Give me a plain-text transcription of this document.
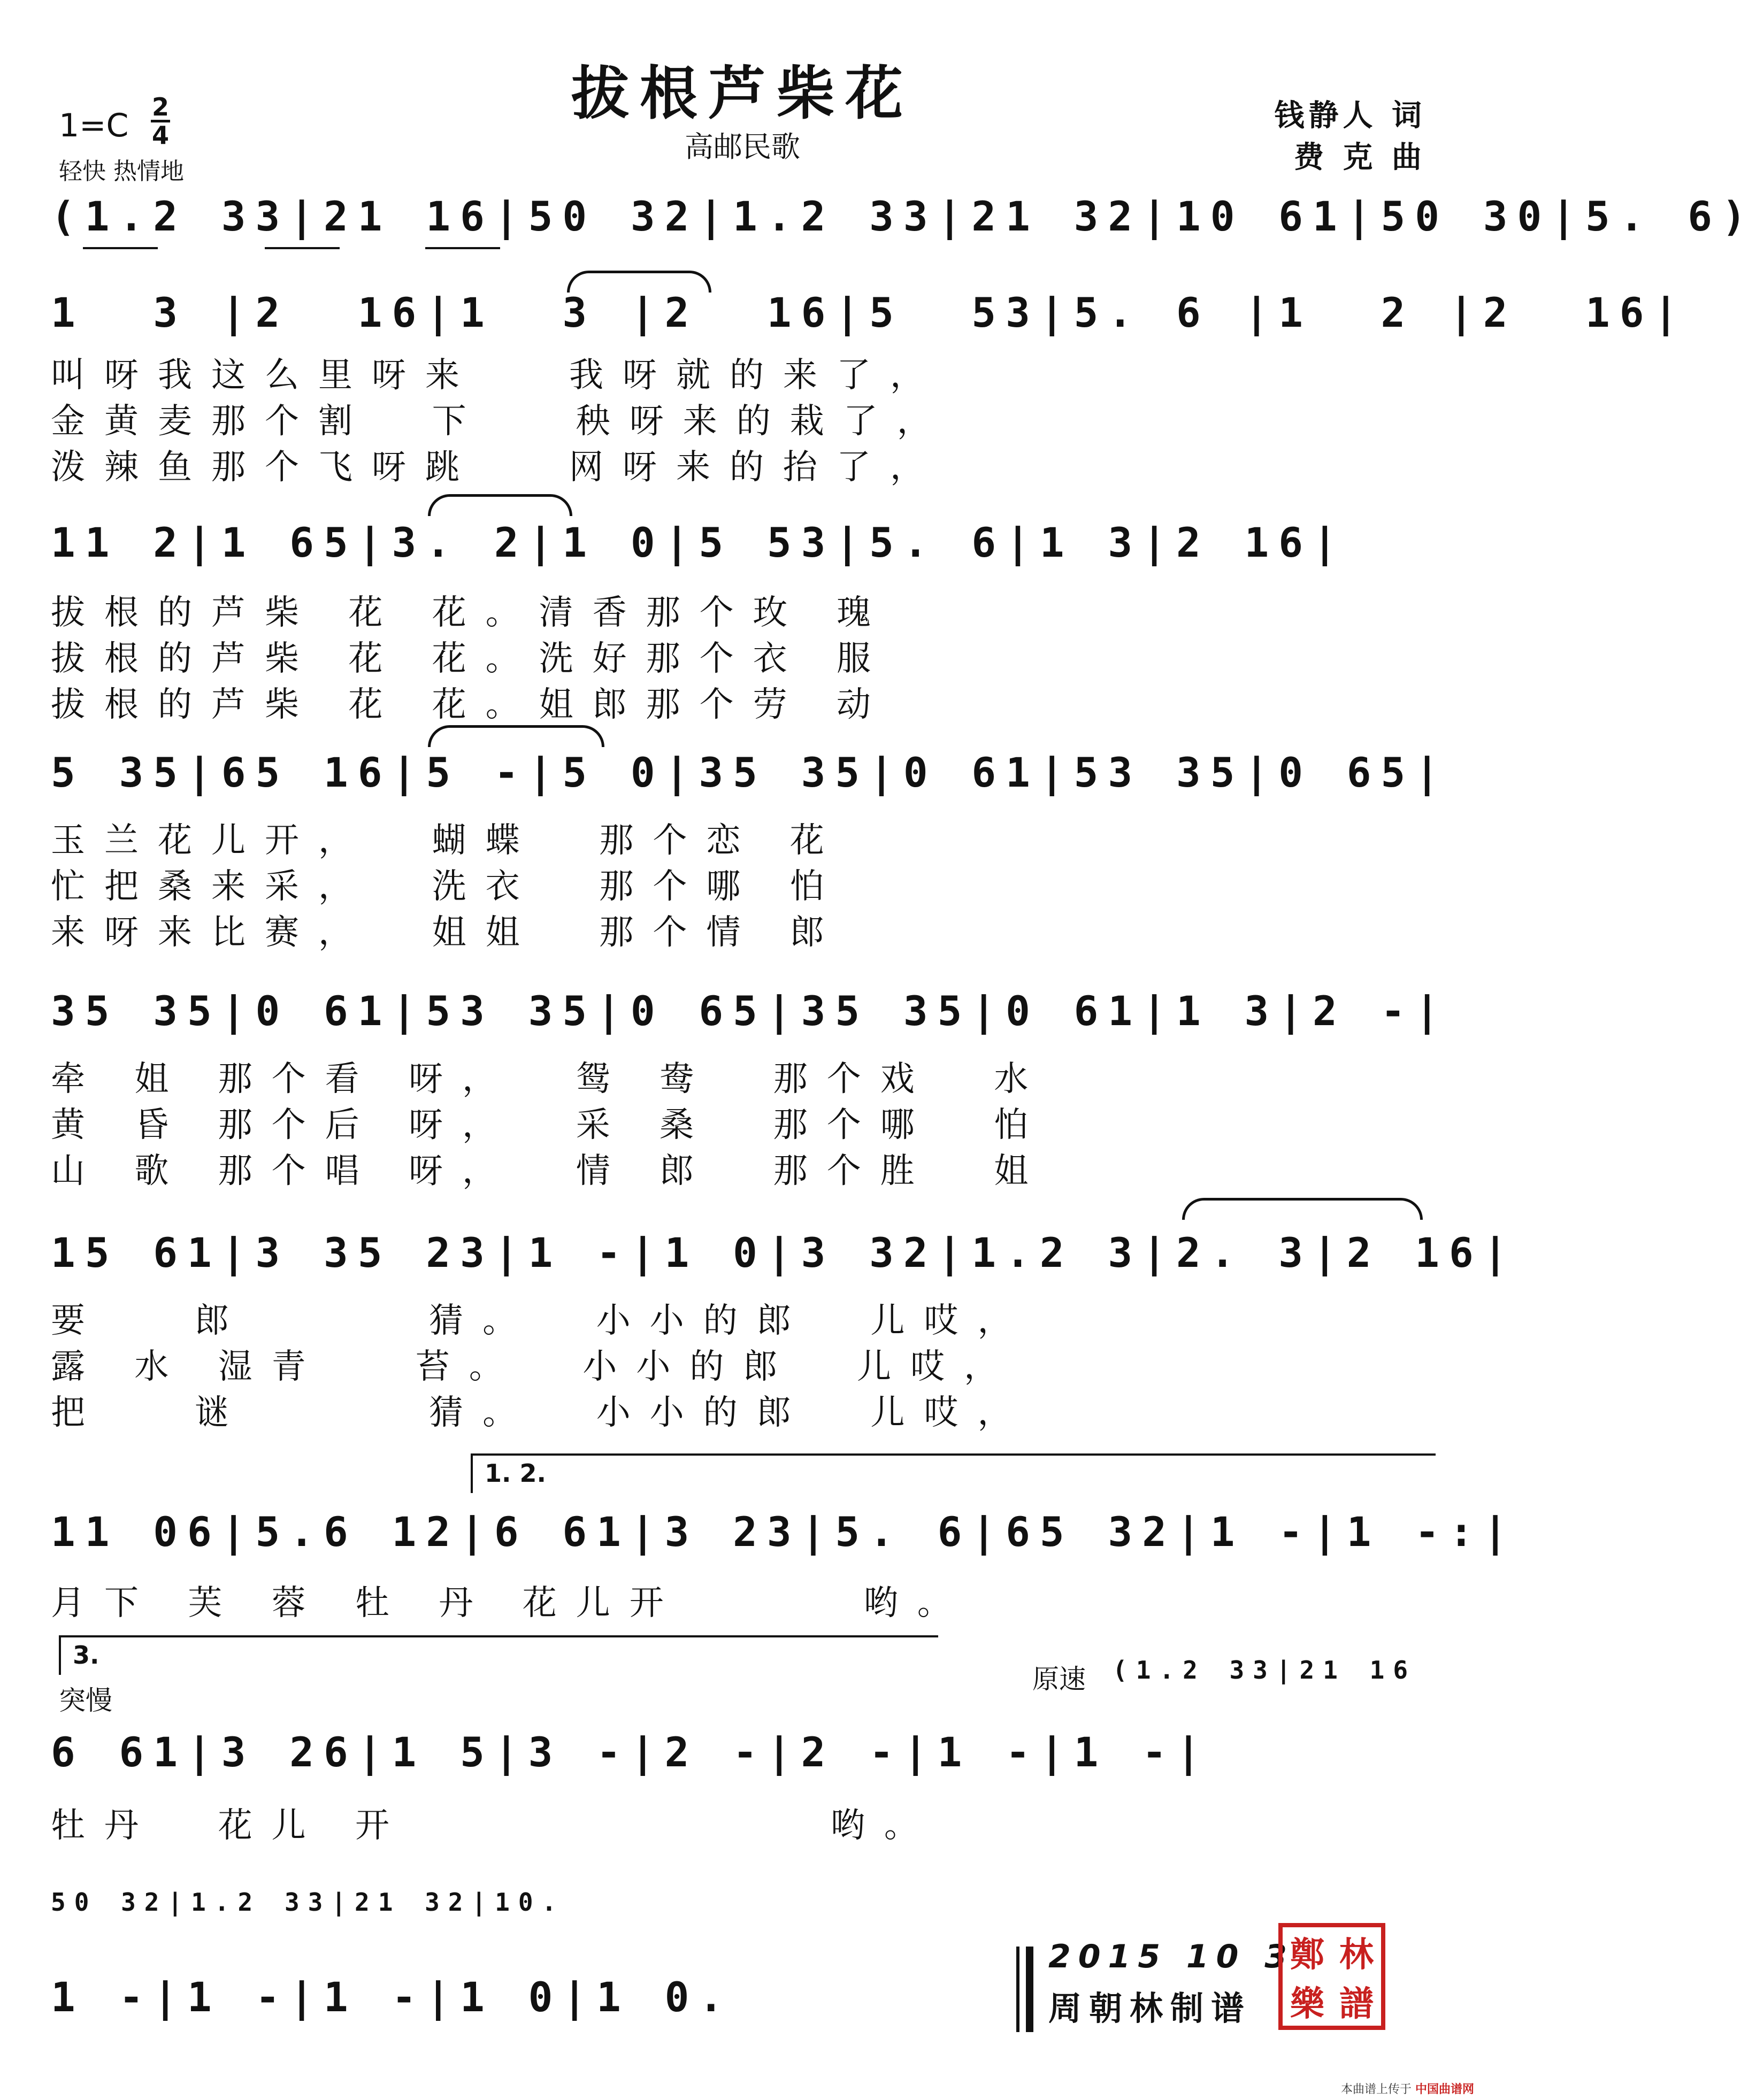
拔根芦柴花
高邮民歌
1=C 2
4
轻快 热情地
钱静人 词
费 克 曲
(1.2 33|21 16|50 32|1.2 33|21 32|10 61|50 30|5. 6)
1  3 |2  16|1  3 |2  16|5  53|5. 6 |1  2 |2  16|
叫呀我这么里呀来   我呀就的来了，
金黄麦那个割  下   秧呀来的栽了，
泼辣鱼那个飞呀跳   网呀来的抬了，
11 2|1 65|3. 2|1 0|5 53|5. 6|1 3|2 16|
拔根的芦柴 花 花。清香那个玫 瑰
拔根的芦柴 花 花。洗好那个衣 服
拔根的芦柴 花 花。姐郎那个劳 动
5 35|65 16|5 -|5 0|35 35|0 61|53 35|0 65|
玉兰花儿开，  蝴蝶  那个恋 花
忙把桑来采，  洗衣  那个哪 怕
来呀来比赛，  姐姐  那个情 郎
35 35|0 61|53 35|0 65|35 35|0 61|1 3|2 -|
牵 姐 那个看 呀，  鸳 鸯  那个戏  水
黄 昏 那个后 呀，  采 桑  那个哪  怕
山 歌 那个唱 呀，  情 郎  那个胜  姐
15 61|3 35 23|1 -|1 0|3 32|1.2 3|2. 3|2 16|
要   郎      猜。  小小的郎  儿哎，
露 水 湿青   苔。  小小的郎  儿哎，
把   谜      猜。  小小的郎  儿哎，
1. 2.
11 06|5.6 12|6 61|3 23|5. 6|65 32|1 -|1 -:|
月下 芙 蓉 牡 丹 花儿开      哟。
3.
突慢
原速 (1.2 33|21 16
6 61|3 26|1 5|3 -|2 -|2 -|1 -|1 -|
牡丹  花儿 开              哟。
50 32|1.2 33|21 32|10.
1 -|1 -|1 -|1 0|1 0.
2015 10 3
周朝林制谱
鄭 林
樂 譜
本曲谱上传于 中国曲谱网
